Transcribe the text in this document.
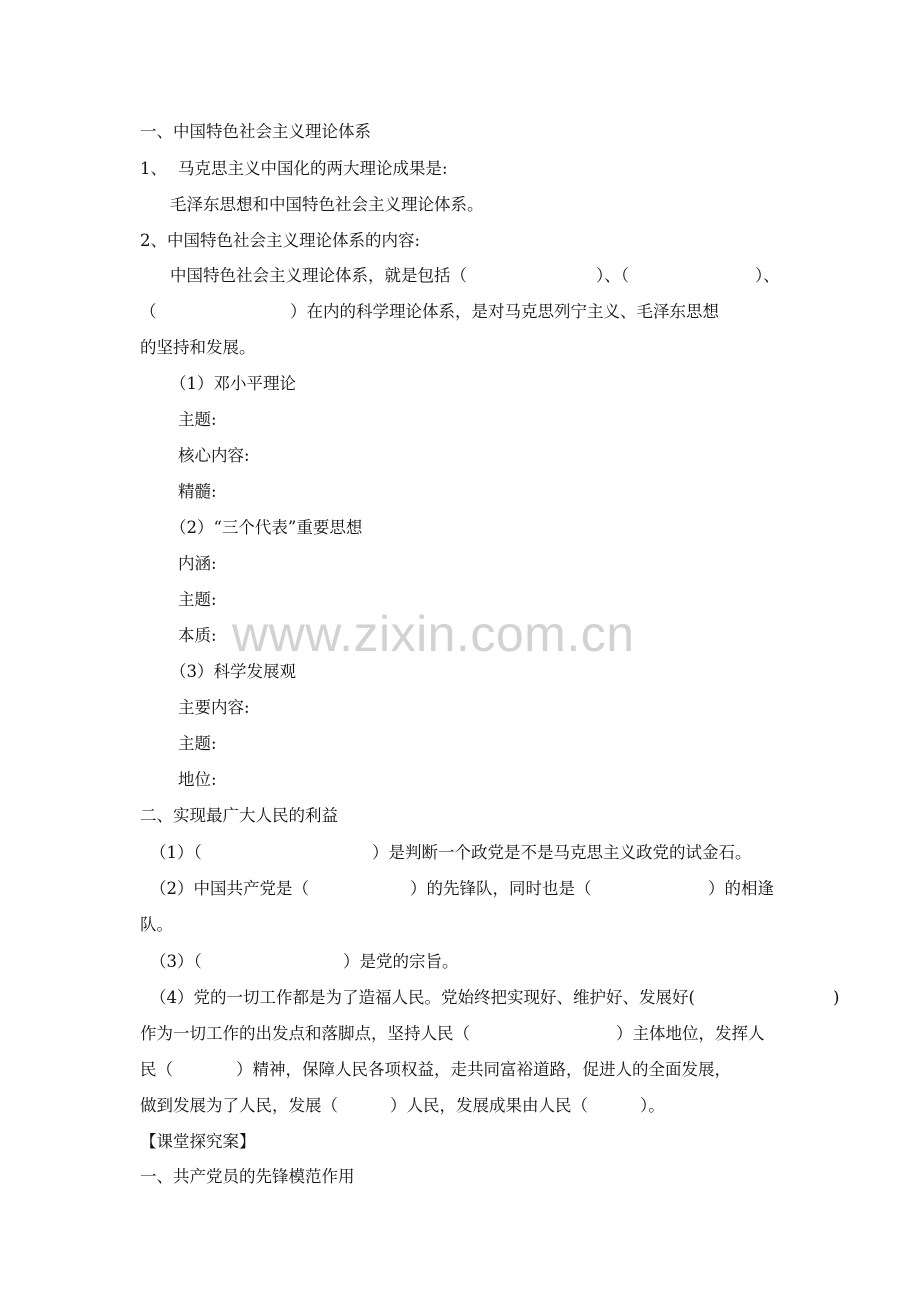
www.zixin.com.cn
一、中国特色社会主义理论体系
1、 马克思主义中国化的两大理论成果是:
毛泽东思想和中国特色社会主义理论体系。
2、中国特色社会主义理论体系的内容:
中国特色社会主义理论体系，就是包括（	）、（	）、
（	）在内的科学理论体系，是对马克思列宁主义、毛泽东思想
的坚持和发展。
（1）邓小平理论
主题:
核心内容:
精髓:
（2）“三个代表”重要思想
内涵:
主题:
本质:
（3）科学发展观
主要内容:
主题:
地位:
二、实现最广大人民的利益
（1）（	）是判断一个政党是不是马克思主义政党的试金石。
（2）中国共产党是（	）的先锋队，同时也是（	）的相逢
队。
（3）（	）是党的宗旨。
（4）党的一切工作都是为了造福人民。党始终把实现好、维护好、发展好(	)
作为一切工作的出发点和落脚点，坚持人民（	）主体地位，发挥人
民（	）精神，保障人民各项权益，走共同富裕道路，促进人的全面发展，
做到发展为了人民，发展（	）人民，发展成果由人民（	）。
【课堂探究案】
一、共产党员的先锋模范作用
